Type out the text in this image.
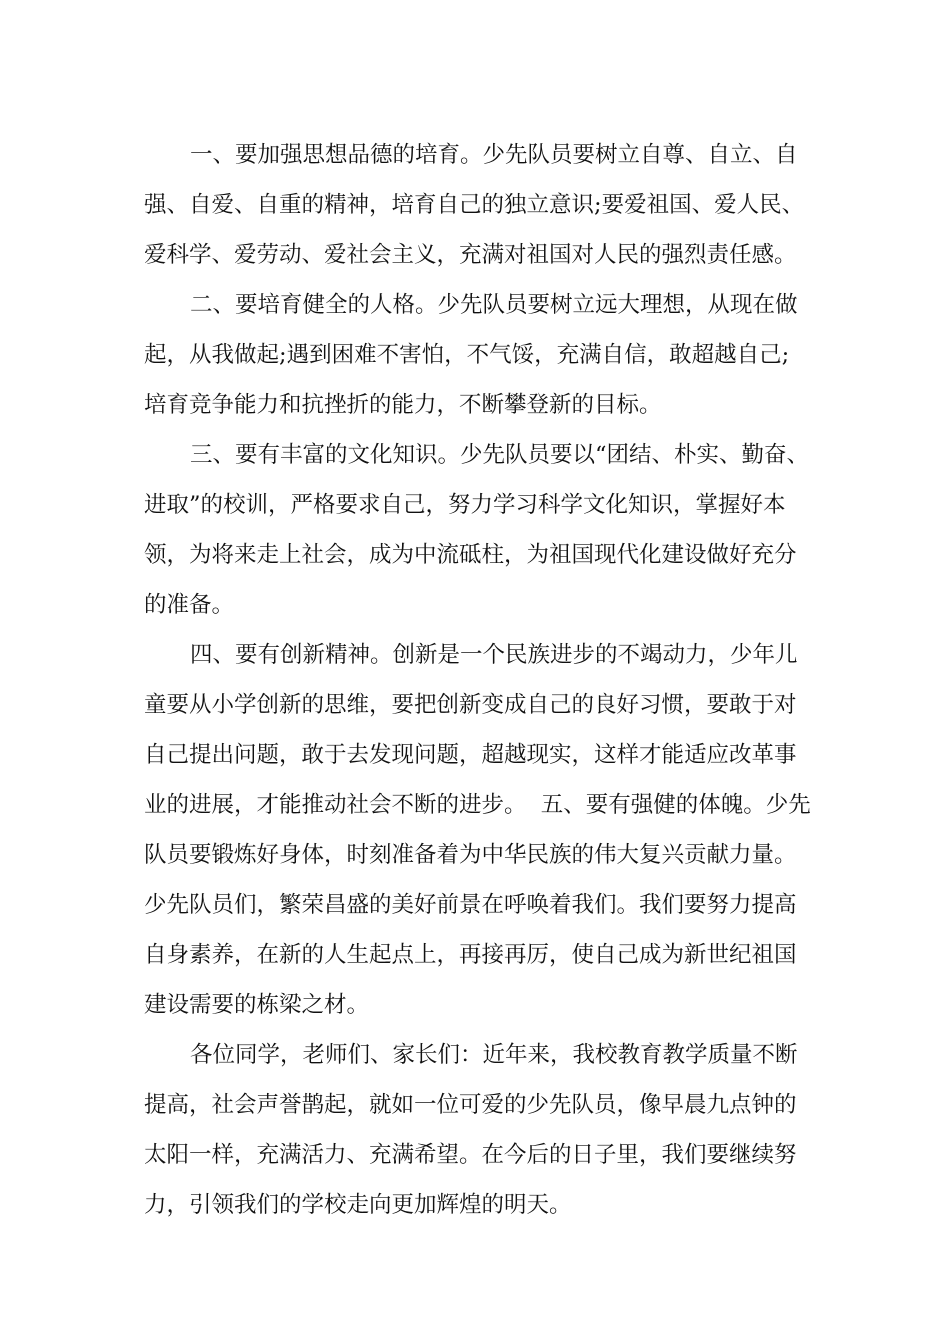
一、要加强思想品德的培育。少先队员要树立自尊、自立、自
强、自爱、自重的精神，培育自己的独立意识;要爱祖国、爱人民、
爱科学、爱劳动、爱社会主义，充满对祖国对人民的强烈责任感。
二、要培育健全的人格。少先队员要树立远大理想，从现在做
起，从我做起;遇到困难不害怕，不气馁，充满自信，敢超越自己;
培育竞争能力和抗挫折的能力，不断攀登新的目标。
三、要有丰富的文化知识。少先队员要以“团结、朴实、勤奋、
进取”的校训，严格要求自己，努力学习科学文化知识，掌握好本
领，为将来走上社会，成为中流砥柱，为祖国现代化建设做好充分
的准备。
四、要有创新精神。创新是一个民族进步的不竭动力，少年儿
童要从小学创新的思维，要把创新变成自己的良好习惯，要敢于对
自己提出问题，敢于去发现问题，超越现实，这样才能适应改革事
业的进展，才能推动社会不断的进步。  五、要有强健的体魄。少先
队员要锻炼好身体，时刻准备着为中华民族的伟大复兴贡献力量。
少先队员们，繁荣昌盛的美好前景在呼唤着我们。我们要努力提高
自身素养，在新的人生起点上，再接再厉，使自己成为新世纪祖国
建设需要的栋梁之材。
各位同学，老师们、家长们：近年来，我校教育教学质量不断
提高，社会声誉鹊起，就如一位可爱的少先队员，像早晨九点钟的
太阳一样，充满活力、充满希望。在今后的日子里，我们要继续努
力，引领我们的学校走向更加辉煌的明天。
